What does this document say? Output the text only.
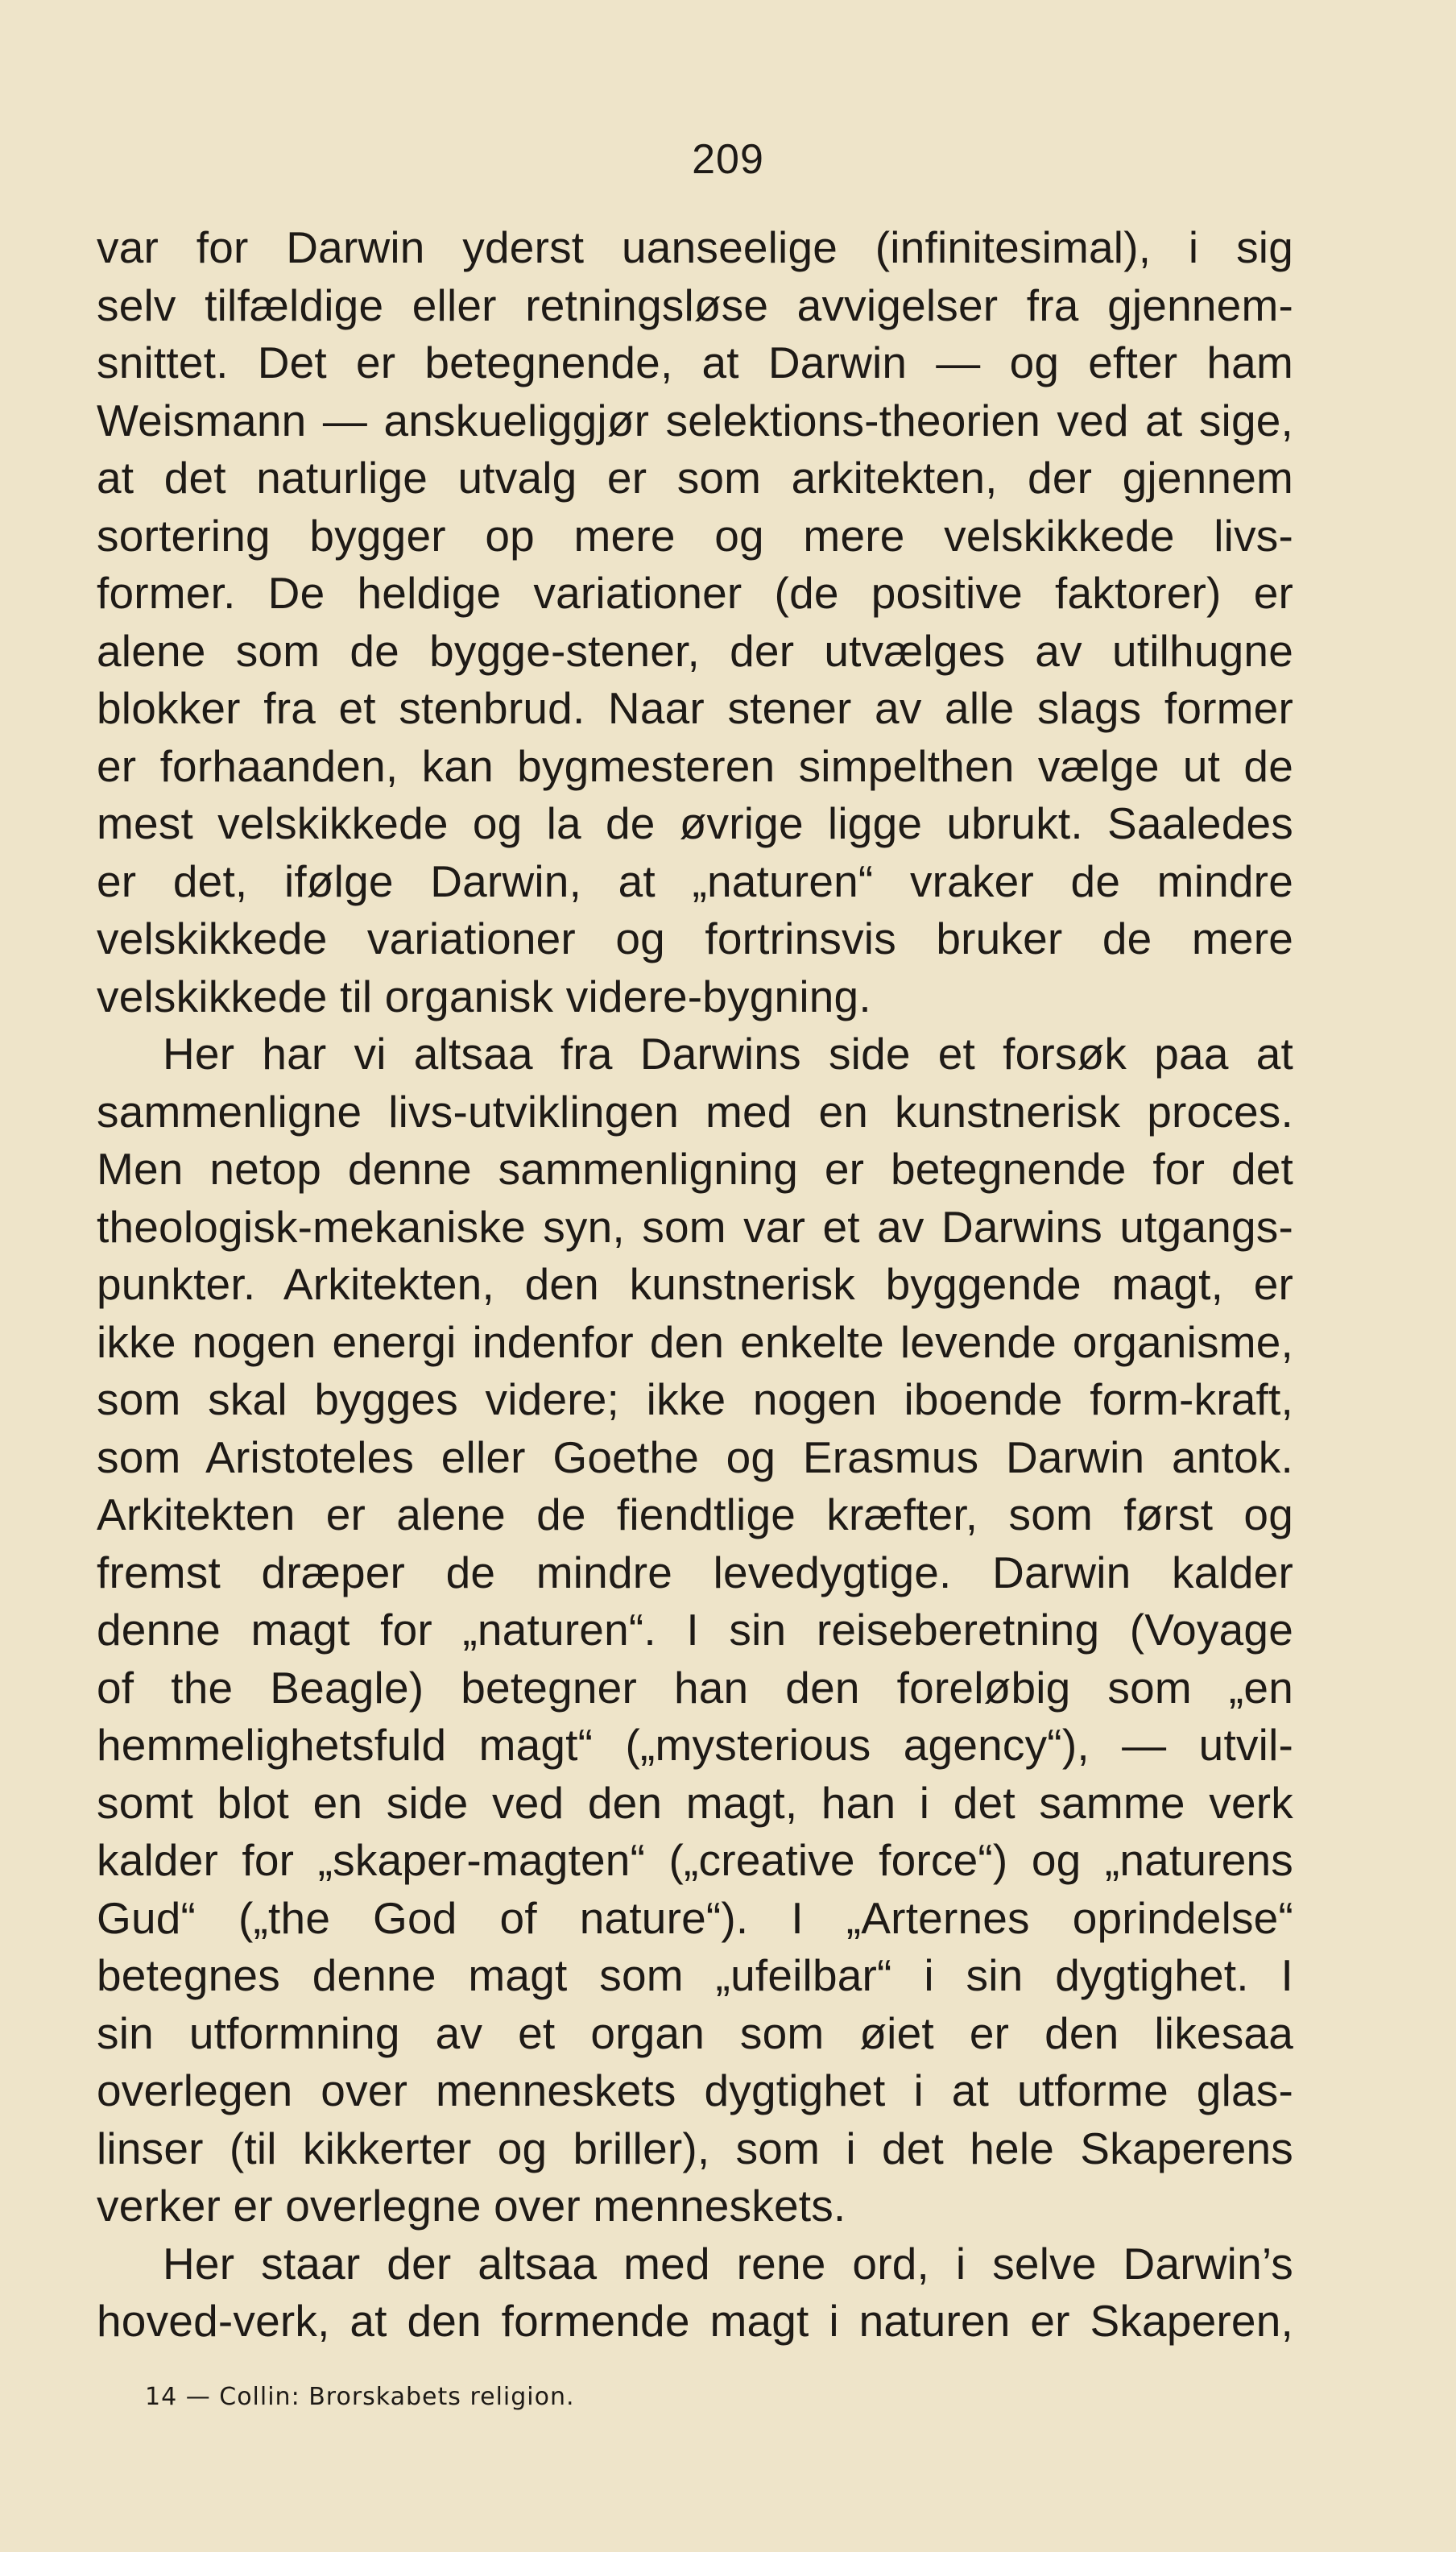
209
var for Darwin yderst uanseelige (infinitesimal), i sig
selv tilfældige eller retningsløse avvigelser fra gjennem-
snittet. Det er betegnende, at Darwin — og efter ham
Weismann — anskueliggjør selektions-theorien ved at sige,
at det naturlige utvalg er som arkitekten, der gjennem
sortering bygger op mere og mere velskikkede livs-
former. De heldige variationer (de positive faktorer) er
alene som de bygge-stener, der utvælges av utilhugne
blokker fra et stenbrud. Naar stener av alle slags former
er forhaanden, kan bygmesteren simpelthen vælge ut de
mest velskikkede og la de øvrige ligge ubrukt. Saaledes
er det, ifølge Darwin, at „naturen“ vraker de mindre
velskikkede variationer og fortrinsvis bruker de mere
velskikkede til organisk videre-bygning.
Her har vi altsaa fra Darwins side et forsøk paa at
sammenligne livs-utviklingen med en kunstnerisk proces.
Men netop denne sammenligning er betegnende for det
theologisk-mekaniske syn, som var et av Darwins utgangs-
punkter. Arkitekten, den kunstnerisk byggende magt, er
ikke nogen energi indenfor den enkelte levende organisme,
som skal bygges videre; ikke nogen iboende form-kraft,
som Aristoteles eller Goethe og Erasmus Darwin antok.
Arkitekten er alene de fiendtlige kræfter, som først og
fremst dræper de mindre levedygtige. Darwin kalder
denne magt for „naturen“. I sin reiseberetning (Voyage
of the Beagle) betegner han den foreløbig som „en
hemmelighetsfuld magt“ („mysterious agency“), — utvil-
somt blot en side ved den magt, han i det samme verk
kalder for „skaper-magten“ („creative force“) og „naturens
Gud“ („the God of nature“). I „Arternes oprindelse“
betegnes denne magt som „ufeilbar“ i sin dygtighet. I
sin utformning av et organ som øiet er den likesaa
overlegen over menneskets dygtighet i at utforme glas-
linser (til kikkerter og briller), som i det hele Skaperens
verker er overlegne over menneskets.
Her staar der altsaa med rene ord, i selve Darwin’s
hoved-verk, at den formende magt i naturen er Skaperen,
14 — Collin: Brorskabets religion.
